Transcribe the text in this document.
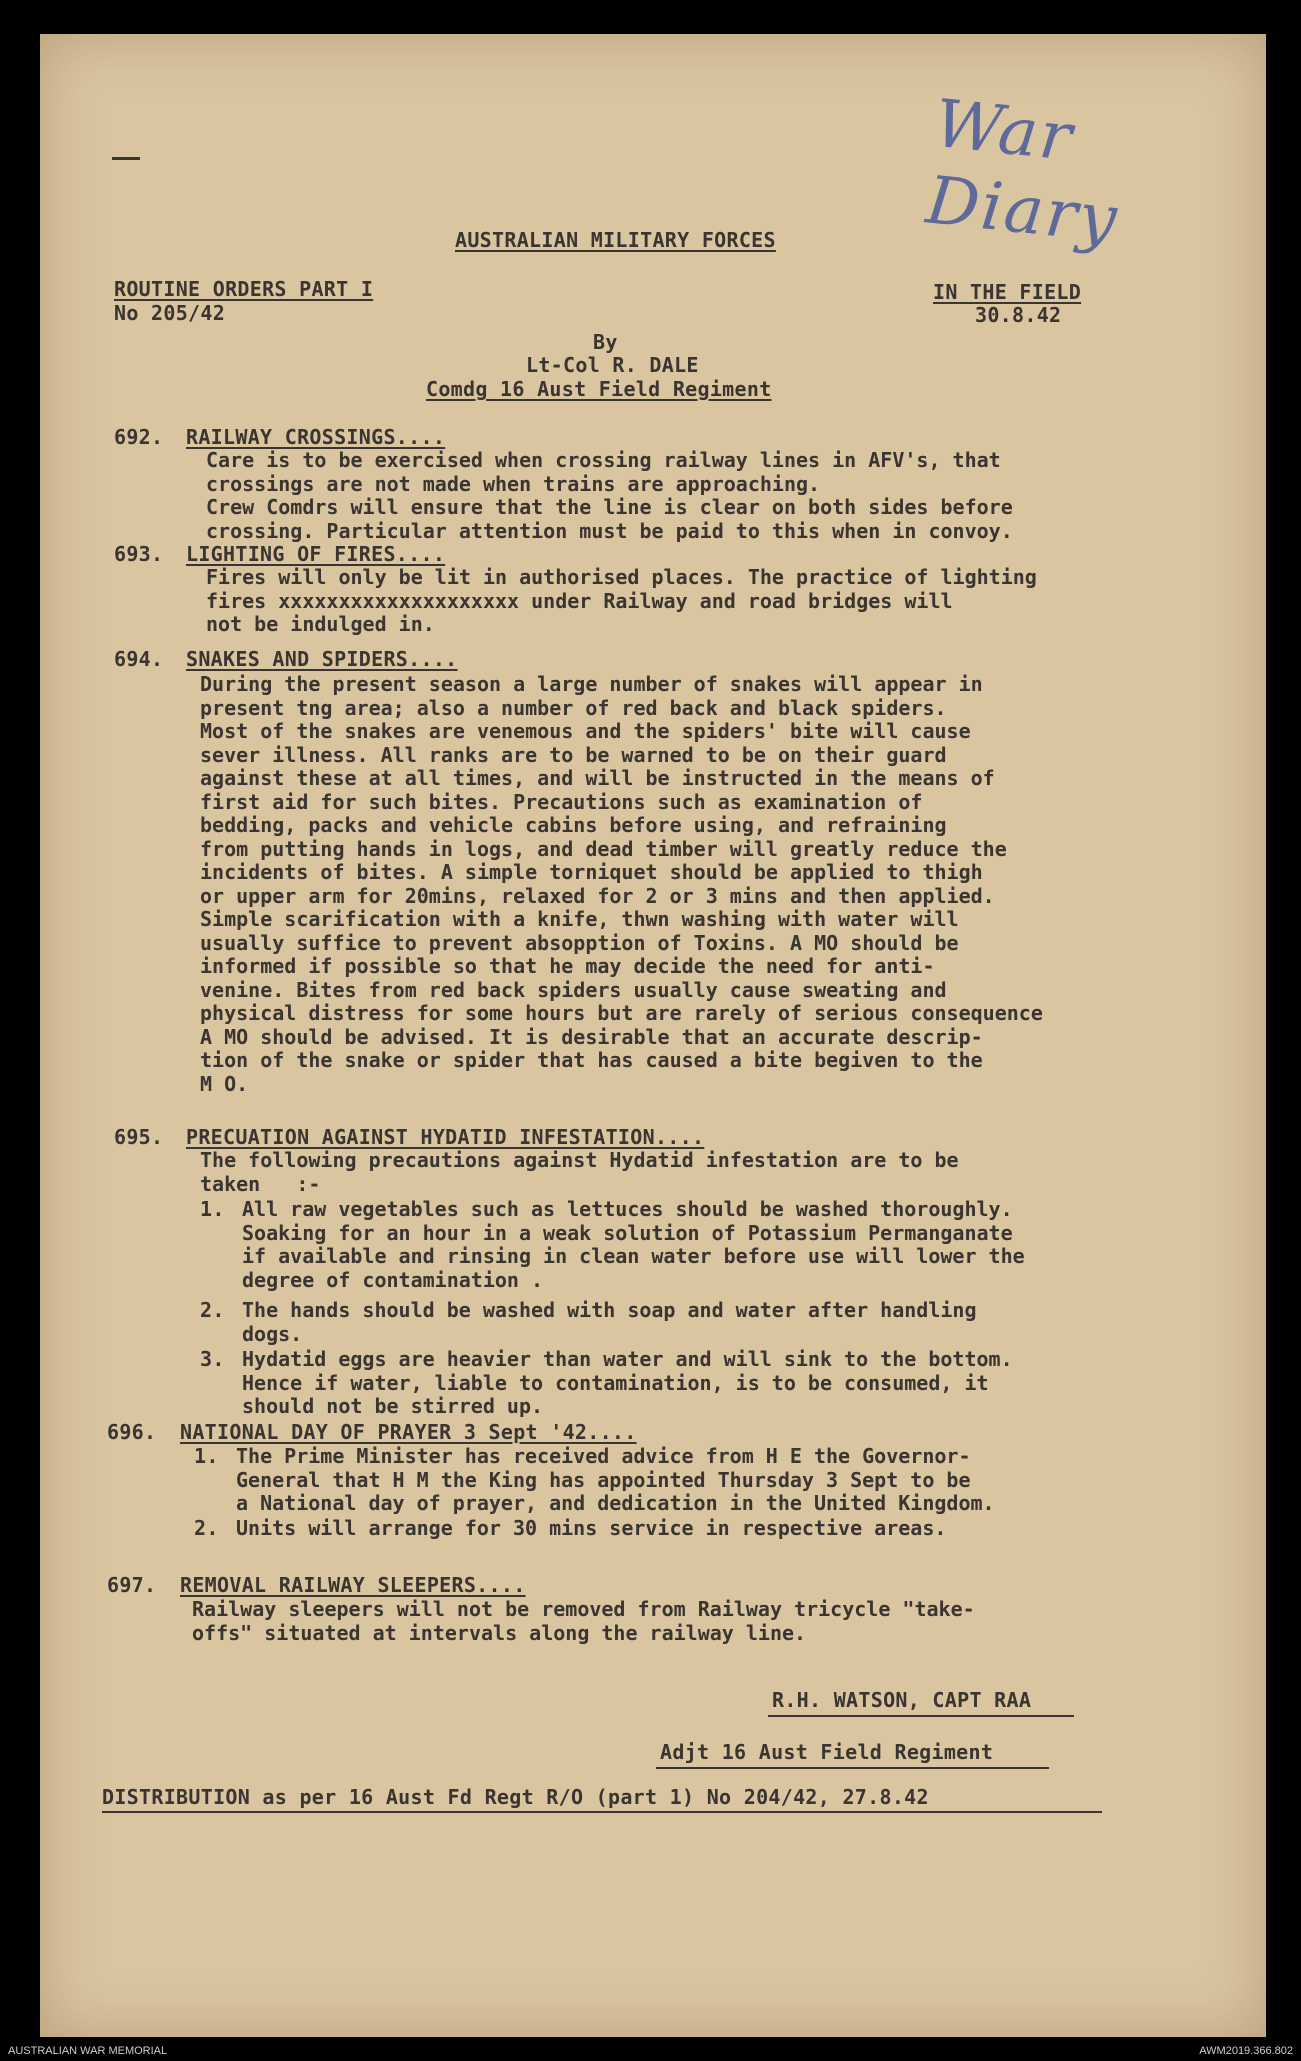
War Diary
AUSTRALIAN MILITARY FORCES
ROUTINE ORDERS PART I
No 205/42
IN THE FIELD
30.8.42
By
Lt-Col R. DALE
Comdg 16 Aust Field Regiment
692. RAILWAY CROSSINGS....
Care is to be exercised when crossing railway lines in AFV's, that
crossings are not made when trains are approaching.
Crew Comdrs will ensure that the line is clear on both sides before
crossing. Particular attention must be paid to this when in convoy.
693. LIGHTING OF FIRES....
Fires will only be lit in authorised places. The practice of lighting
fires xxxxxxxxxxxxxxxxxxxx under Railway and road bridges will
not be indulged in.
694. SNAKES AND SPIDERS....
During the present season a large number of snakes will appear in
present tng area; also a number of red back and black spiders.
Most of the snakes are venemous and the spiders' bite will cause
sever illness. All ranks are to be warned to be on their guard
against these at all times, and will be instructed in the means of
first aid for such bites. Precautions such as examination of
bedding, packs and vehicle cabins before using, and refraining
from putting hands in logs, and dead timber will greatly reduce the
incidents of bites. A simple torniquet should be applied to thigh
or upper arm for 20mins, relaxed for 2 or 3 mins and then applied.
Simple scarification with a knife, thwn washing with water will
usually suffice to prevent absopption of Toxins. A MO should be
informed if possible so that he may decide the need for anti-
venine. Bites from red back spiders usually cause sweating and
physical distress for some hours but are rarely of serious consequence
A MO should be advised. It is desirable that an accurate descrip-
tion of the snake or spider that has caused a bite begiven to the
M O.
695. PRECUATION AGAINST HYDATID INFESTATION....
The following precautions against Hydatid infestation are to be
taken   :-
1. All raw vegetables such as lettuces should be washed thoroughly.
Soaking for an hour in a weak solution of Potassium Permanganate
if available and rinsing in clean water before use will lower the
degree of contamination .
2. The hands should be washed with soap and water after handling
dogs.
3. Hydatid eggs are heavier than water and will sink to the bottom.
Hence if water, liable to contamination, is to be consumed, it
should not be stirred up.
696. NATIONAL DAY OF PRAYER 3 Sept '42....
1. The Prime Minister has received advice from H E the Governor-
General that H M the King has appointed Thursday 3 Sept to be
a National day of prayer, and dedication in the United Kingdom.
2. Units will arrange for 30 mins service in respective areas.
697. REMOVAL RAILWAY SLEEPERS....
Railway sleepers will not be removed from Railway tricycle "take-
offs" situated at intervals along the railway line.
R.H. WATSON, CAPT RAA
Adjt 16 Aust Field Regiment
DISTRIBUTION as per 16 Aust Fd Regt R/O (part 1) No 204/42, 27.8.42
AUSTRALIAN WAR MEMORIAL	AWM2019.366.802
